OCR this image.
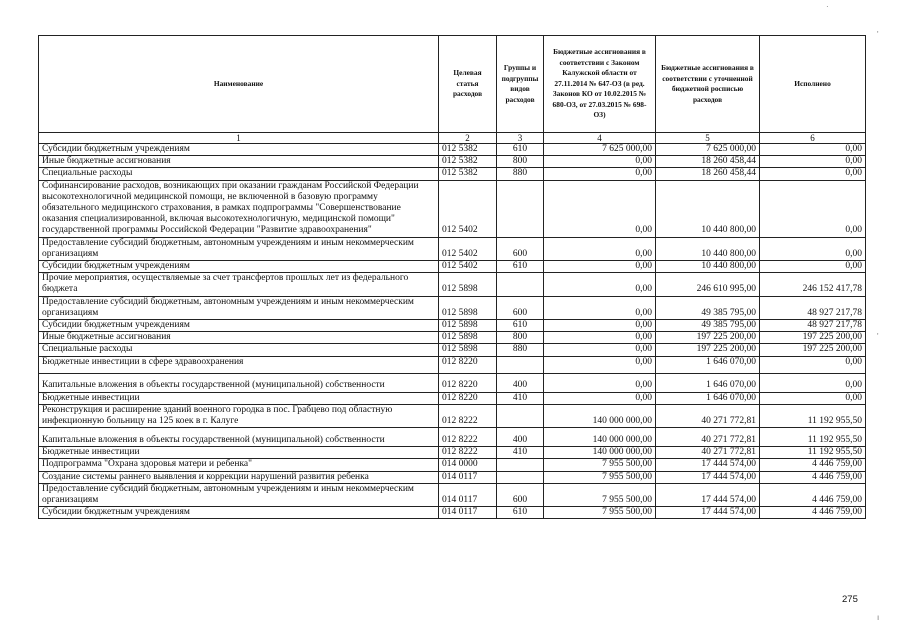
Наименование	Целевая статья расходов	Группы и подгруппы видов расходов	Бюджетные ассигнования в соответствии с Законом Калужской области от 27.11.2014 № 647-ОЗ (в ред. Законов КО от 10.02.2015 № 680-ОЗ, от 27.03.2015 № 698-ОЗ)	Бюджетные ассигнования в соответствии с уточненной бюджетной росписью расходов	Исполнено
1	2	3	4	5	6
Субсидии бюджетным учреждениям	012 5382	610	7 625 000,00	7 625 000,00	0,00
Иные бюджетные ассигнования	012 5382	800	0,00	18 260 458,44	0,00
Специальные расходы	012 5382	880	0,00	18 260 458,44	0,00
Софинансирование расходов, возникающих при оказании гражданам Российской Федерации высокотехнологичной медицинской помощи, не включенной в базовую программу обязательного медицинского страхования, в рамках подпрограммы "Совершенствование оказания специализированной, включая высокотехнологичную, медицинской помощи" государственной программы Российской Федерации "Развитие здравоохранения"	012 5402		0,00	10 440 800,00	0,00
Предоставление субсидий бюджетным, автономным учреждениям и иным некоммерческим организациям	012 5402	600	0,00	10 440 800,00	0,00
Субсидии бюджетным учреждениям	012 5402	610	0,00	10 440 800,00	0,00
Прочие мероприятия, осуществляемые за счет трансфертов прошлых лет из федерального бюджета	012 5898		0,00	246 610 995,00	246 152 417,78
Предоставление субсидий бюджетным, автономным учреждениям и иным некоммерческим организациям	012 5898	600	0,00	49 385 795,00	48 927 217,78
Субсидии бюджетным учреждениям	012 5898	610	0,00	49 385 795,00	48 927 217,78
Иные бюджетные ассигнования	012 5898	800	0,00	197 225 200,00	197 225 200,00
Специальные расходы	012 5898	880	0,00	197 225 200,00	197 225 200,00
Бюджетные инвестиции в сфере здравоохранения	012 8220		0,00	1 646 070,00	0,00
Капитальные вложения в объекты государственной (муниципальной) собственности	012 8220	400	0,00	1 646 070,00	0,00
Бюджетные инвестиции	012 8220	410	0,00	1 646 070,00	0,00
Реконструкция и расширение зданий военного городка в пос. Грабцево под областную инфекционную больницу на 125 коек в г. Калуге	012 8222		140 000 000,00	40 271 772,81	11 192 955,50
Капитальные вложения в объекты государственной (муниципальной) собственности	012 8222	400	140 000 000,00	40 271 772,81	11 192 955,50
Бюджетные инвестиции	012 8222	410	140 000 000,00	40 271 772,81	11 192 955,50
Подпрограмма "Охрана здоровья матери и ребенка"	014 0000		7 955 500,00	17 444 574,00	4 446 759,00
Создание системы раннего выявления и коррекции нарушений развития ребенка	014 0117		7 955 500,00	17 444 574,00	4 446 759,00
Предоставление субсидий бюджетным, автономным учреждениям и иным некоммерческим организациям	014 0117	600	7 955 500,00	17 444 574,00	4 446 759,00
Субсидии бюджетным учреждениям	014 0117	610	7 955 500,00	17 444 574,00	4 446 759,00
275
·
'
'
ı
